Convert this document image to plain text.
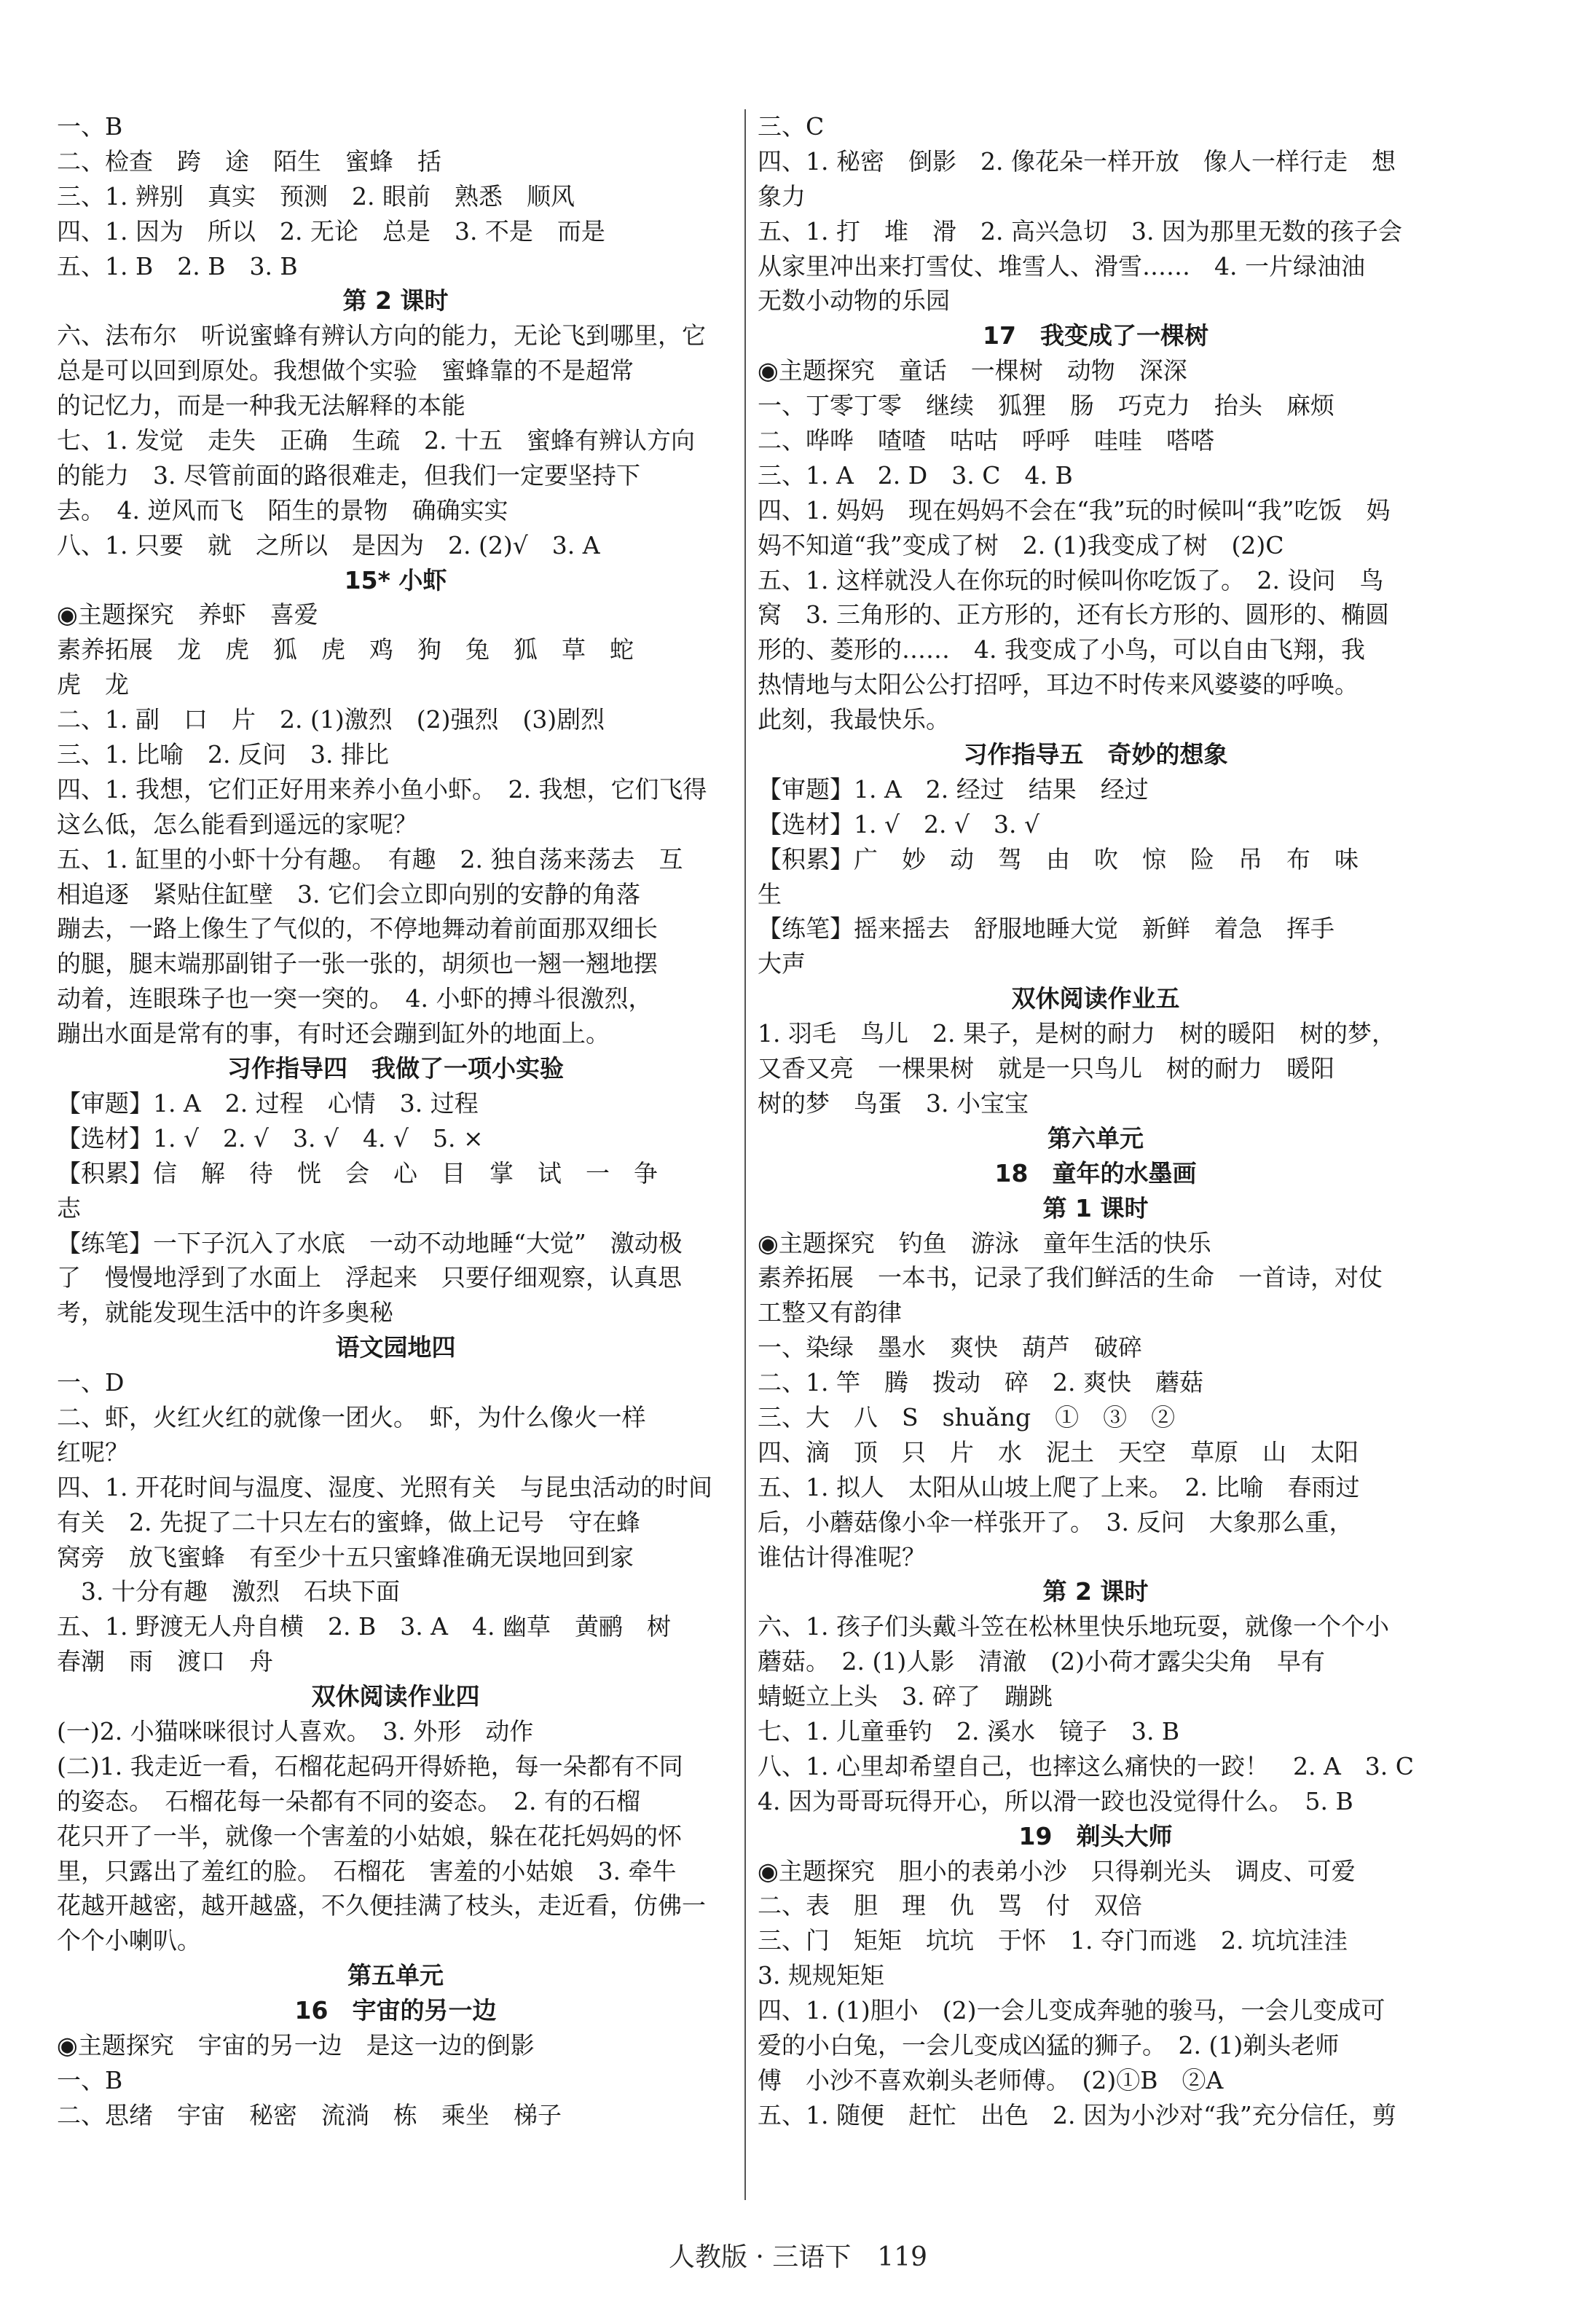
一、B
二、检查　跨　途　陌生　蜜蜂　括
三、1. 辨别　真实　预测　2. 眼前　熟悉　顺风
四、1. 因为　所以　2. 无论　总是　3. 不是　而是
五、1. B　2. B　3. B
第 2 课时
六、法布尔　听说蜜蜂有辨认方向的能力，无论飞到哪里，它
总是可以回到原处。我想做个实验　蜜蜂靠的不是超常
的记忆力，而是一种我无法解释的本能
七、1. 发觉　走失　正确　生疏　2. 十五　蜜蜂有辨认方向
的能力　3. 尽管前面的路很难走，但我们一定要坚持下
去。　4. 逆风而飞　陌生的景物　确确实实
八、1. 只要　就　之所以　是因为　2. (2)√　3. A
15* 小虾
◉主题探究　养虾　喜爱
素养拓展　龙　虎　狐　虎　鸡　狗　兔　狐　草　蛇
虎　龙
二、1. 副　口　片　2. (1)激烈　(2)强烈　(3)剧烈
三、1. 比喻　2. 反问　3. 排比
四、1. 我想，它们正好用来养小鱼小虾。　2. 我想，它们飞得
这么低，怎么能看到遥远的家呢？
五、1. 缸里的小虾十分有趣。　有趣　2. 独自荡来荡去　互
相追逐　紧贴住缸壁　3. 它们会立即向别的安静的角落
蹦去，一路上像生了气似的，不停地舞动着前面那双细长
的腿，腿末端那副钳子一张一张的，胡须也一翘一翘地摆
动着，连眼珠子也一突一突的。　4. 小虾的搏斗很激烈，
蹦出水面是常有的事，有时还会蹦到缸外的地面上。
习作指导四　我做了一项小实验
【审题】1. A　2. 过程　心情　3. 过程
【选材】1. √　2. √　3. √　4. √　5. ×
【积累】信　解　待　恍　会　心　目　掌　试　一　争
志
【练笔】一下子沉入了水底　一动不动地睡“大觉”　激动极
了　慢慢地浮到了水面上　浮起来　只要仔细观察，认真思
考，就能发现生活中的许多奥秘
语文园地四
一、D
二、虾，火红火红的就像一团火。　虾，为什么像火一样
红呢？
四、1. 开花时间与温度、湿度、光照有关　与昆虫活动的时间
有关　2. 先捉了二十只左右的蜜蜂，做上记号　守在蜂
窝旁　放飞蜜蜂　有至少十五只蜜蜂准确无误地回到家
　3. 十分有趣　激烈　石块下面
五、1. 野渡无人舟自横　2. B　3. A　4. 幽草　黄鹂　树
春潮　雨　渡口　舟
双休阅读作业四
(一)2. 小猫咪咪很讨人喜欢。　3. 外形　动作
(二)1. 我走近一看，石榴花起码开得娇艳，每一朵都有不同
的姿态。　石榴花每一朵都有不同的姿态。　2. 有的石榴
花只开了一半，就像一个害羞的小姑娘，躲在花托妈妈的怀
里，只露出了羞红的脸。　石榴花　害羞的小姑娘　3. 牵牛
花越开越密，越开越盛，不久便挂满了枝头，走近看，仿佛一
个个小喇叭。
第五单元
16　宇宙的另一边
◉主题探究　宇宙的另一边　是这一边的倒影
一、B
二、思绪　宇宙　秘密　流淌　栋　乘坐　梯子
三、C
四、1. 秘密　倒影　2. 像花朵一样开放　像人一样行走　想
象力
五、1. 打　堆　滑　2. 高兴急切　3. 因为那里无数的孩子会
从家里冲出来打雪仗、堆雪人、滑雪……　4. 一片绿油油
无数小动物的乐园
17　我变成了一棵树
◉主题探究　童话　一棵树　动物　深深
一、丁零丁零　继续　狐狸　肠　巧克力　抬头　麻烦
二、哗哗　喳喳　咕咕　呼呼　哇哇　嗒嗒
三、1. A　2. D　3. C　4. B
四、1. 妈妈　现在妈妈不会在“我”玩的时候叫“我”吃饭　妈
妈不知道“我”变成了树　2. (1)我变成了树　(2)C
五、1. 这样就没人在你玩的时候叫你吃饭了。　2. 设问　鸟
窝　3. 三角形的、正方形的，还有长方形的、圆形的、椭圆
形的、菱形的……　4. 我变成了小鸟，可以自由飞翔，我
热情地与太阳公公打招呼，耳边不时传来风婆婆的呼唤。
此刻，我最快乐。
习作指导五　奇妙的想象
【审题】1. A　2. 经过　结果　经过
【选材】1. √　2. √　3. √
【积累】广　妙　动　驾　由　吹　惊　险　吊　布　味
生
【练笔】摇来摇去　舒服地睡大觉　新鲜　着急　挥手
大声
双休阅读作业五
1. 羽毛　鸟儿　2. 果子，是树的耐力　树的暖阳　树的梦，
又香又亮　一棵果树　就是一只鸟儿　树的耐力　暖阳
树的梦　鸟蛋　3. 小宝宝
第六单元
18　童年的水墨画
第 1 课时
◉主题探究　钓鱼　游泳　童年生活的快乐
素养拓展　一本书，记录了我们鲜活的生命　一首诗，对仗
工整又有韵律
一、染绿　墨水　爽快　葫芦　破碎
二、1. 竿　腾　拨动　碎　2. 爽快　蘑菇
三、大　八　S　shuǎng　①　③　②
四、滴　顶　只　片　水　泥土　天空　草原　山　太阳
五、1. 拟人　太阳从山坡上爬了上来。　2. 比喻　春雨过
后，小蘑菇像小伞一样张开了。　3. 反问　大象那么重，
谁估计得准呢？
第 2 课时
六、1. 孩子们头戴斗笠在松林里快乐地玩耍，就像一个个小
蘑菇。　2. (1)人影　清澈　(2)小荷才露尖尖角　早有
蜻蜓立上头　3. 碎了　蹦跳
七、1. 儿童垂钓　2. 溪水　镜子　3. B
八、1. 心里却希望自己，也摔这么痛快的一跤！　2. A　3. C
4. 因为哥哥玩得开心，所以滑一跤也没觉得什么。　5. B
19　剃头大师
◉主题探究　胆小的表弟小沙　只得剃光头　调皮、可爱
二、表　胆　理　仇　骂　付　双倍
三、门　矩矩　坑坑　于怀　1. 夺门而逃　2. 坑坑洼洼
3. 规规矩矩
四、1. (1)胆小　(2)一会儿变成奔驰的骏马，一会儿变成可
爱的小白兔，一会儿变成凶猛的狮子。　2. (1)剃头老师
傅　小沙不喜欢剃头老师傅。　(2)①B　②A
五、1. 随便　赶忙　出色　2. 因为小沙对“我”充分信任，剪
人教版 · 三语下　119
